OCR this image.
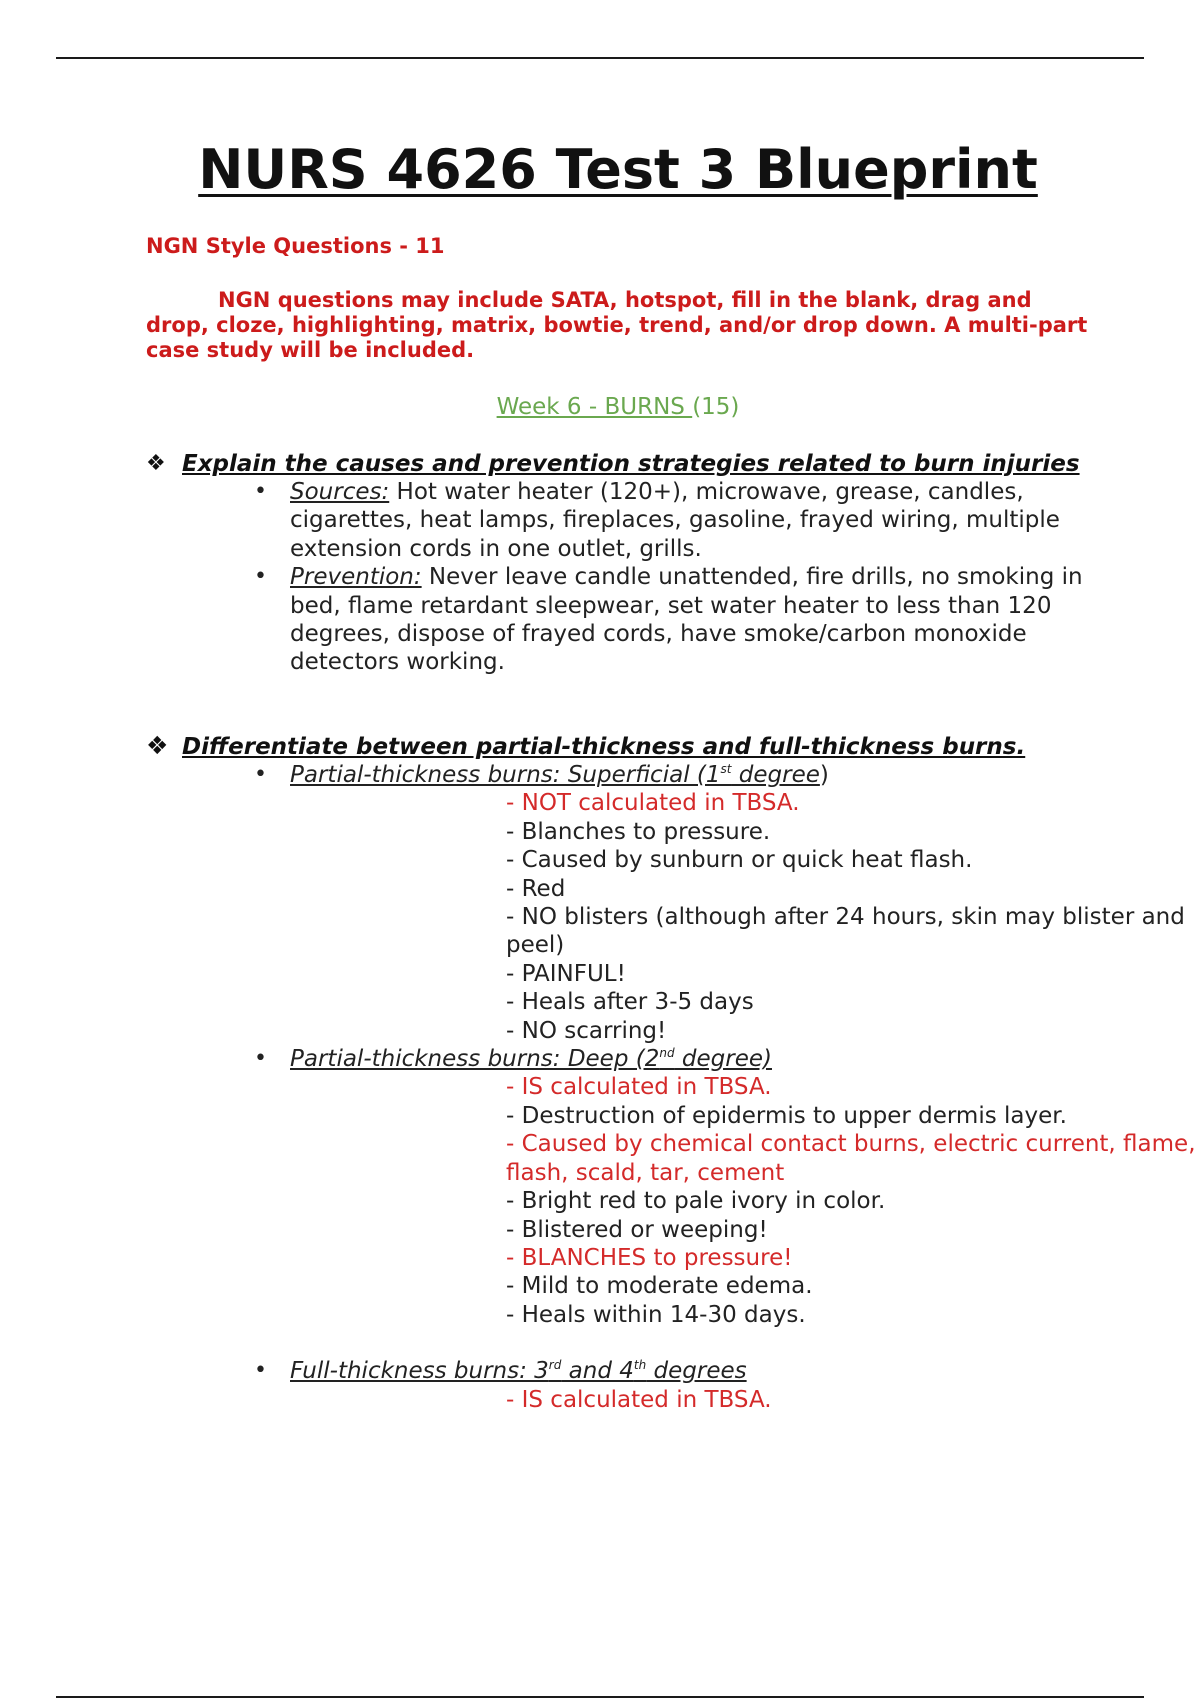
NURS 4626 Test 3 Blueprint

NGN Style Questions - 11

NGN questions may include SATA, hotspot, fill in the blank, drag and drop, cloze, highlighting, matrix, bowtie, trend, and/or drop down. A multi-part case study will be included.

Week 6 - BURNS (15)

❖ Explain the causes and prevention strategies related to burn injuries
• Sources: Hot water heater (120+), microwave, grease, candles, cigarettes, heat lamps, fireplaces, gasoline, frayed wiring, multiple extension cords in one outlet, grills.
• Prevention: Never leave candle unattended, fire drills, no smoking in bed, flame retardant sleepwear, set water heater to less than 120 degrees, dispose of frayed cords, have smoke/carbon monoxide detectors working.
❖ Differentiate between partial-thickness and full-thickness burns.
• Partial-thickness burns: Superficial (1st degree)
- NOT calculated in TBSA.
- Blanches to pressure.
- Caused by sunburn or quick heat flash.
- Red
- NO blisters (although after 24 hours, skin may blister and peel)
- PAINFUL!
- Heals after 3-5 days
- NO scarring!
• Partial-thickness burns: Deep (2nd degree)
- IS calculated in TBSA.
- Destruction of epidermis to upper dermis layer.
- Caused by chemical contact burns, electric current, flame, flash, scald, tar, cement
- Bright red to pale ivory in color.
- Blistered or weeping!
- BLANCHES to pressure!
- Mild to moderate edema.
- Heals within 14-30 days.
• Full-thickness burns: 3rd and 4th degrees
- IS calculated in TBSA.
